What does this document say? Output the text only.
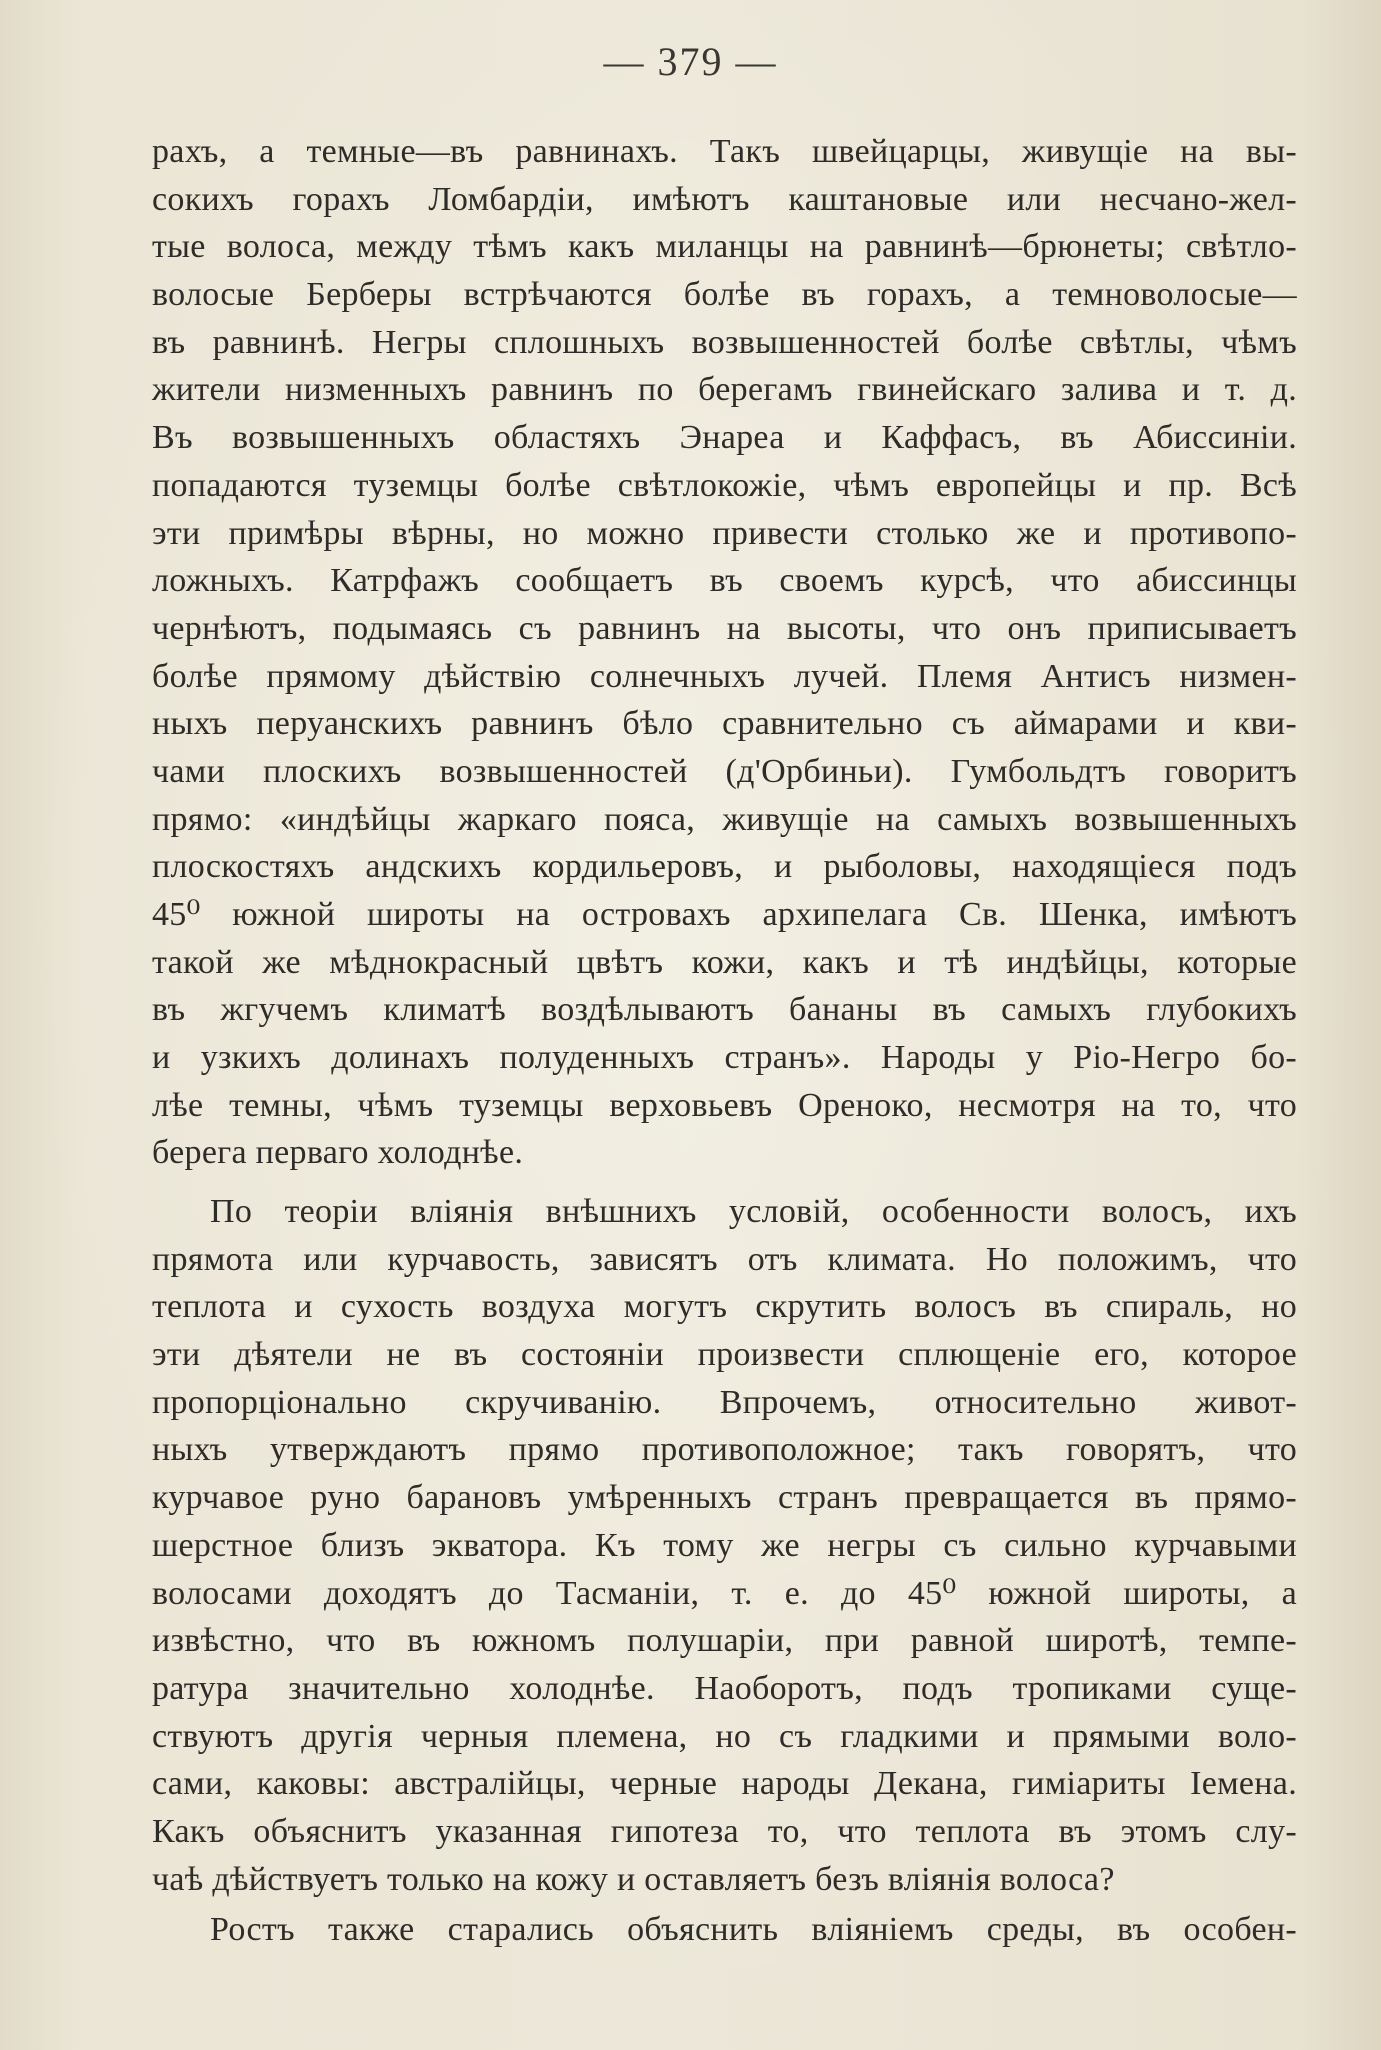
— 379 —
рахъ, а темные—въ равнинахъ. Такъ швейцарцы, живущіе на вы-
сокихъ горахъ Ломбардіи, имѣютъ каштановые или несчано-жел-
тые волоса, между тѣмъ какъ миланцы на равнинѣ—брюнеты; свѣтло-
волосые Берберы встрѣчаются болѣе въ горахъ, а темноволосые—
въ равнинѣ. Негры сплошныхъ возвышенностей болѣе свѣтлы, чѣмъ
жители низменныхъ равнинъ по берегамъ гвинейскаго залива и т. д.
Въ возвышенныхъ областяхъ Энареа и Каффасъ, въ Абиссиніи.
попадаются туземцы болѣе свѣтлокожіе, чѣмъ европейцы и пр. Всѣ
эти примѣры вѣрны, но можно привести столько же и противопо-
ложныхъ. Катрфажъ сообщаетъ въ своемъ курсѣ, что абиссинцы
чернѣютъ, подымаясь съ равнинъ на высоты, что онъ приписываетъ
болѣе прямому дѣйствію солнечныхъ лучей. Племя Антисъ низмен-
ныхъ перуанскихъ равнинъ бѣло сравнительно съ аймарами и кви-
чами плоскихъ возвышенностей (д'Орбиньи). Гумбольдтъ говоритъ
прямо: «индѣйцы жаркаго пояса, живущіе на самыхъ возвышенныхъ
плоскостяхъ андскихъ кордильеровъ, и рыболовы, находящіеся подъ
45⁰ южной широты на островахъ архипелага Св. Шенка, имѣютъ
такой же мѣднокрасный цвѣтъ кожи, какъ и тѣ индѣйцы, которые
въ жгучемъ климатѣ воздѣлываютъ бананы въ самыхъ глубокихъ
и узкихъ долинахъ полуденныхъ странъ». Народы у Ріо-Негро бо-
лѣе темны, чѣмъ туземцы верховьевъ Ореноко, несмотря на то, что
берега перваго холоднѣе.
По теоріи вліянія внѣшнихъ условій, особенности волосъ, ихъ
прямота или курчавость, зависятъ отъ климата. Но положимъ, что
теплота и сухость воздуха могутъ скрутить волосъ въ спираль, но
эти дѣятели не въ состояніи произвести сплющеніе его, которое
пропорціонально скручиванію. Впрочемъ, относительно живот-
ныхъ утверждаютъ прямо противоположное; такъ говорятъ, что
курчавое руно барановъ умѣренныхъ странъ превращается въ прямо-
шерстное близъ экватора. Къ тому же негры съ сильно курчавыми
волосами доходятъ до Тасманіи, т. е. до 45⁰ южной широты, а
извѣстно, что въ южномъ полушаріи, при равной широтѣ, темпе-
ратура значительно холоднѣе. Наоборотъ, подъ тропиками суще-
ствуютъ другія черныя племена, но съ гладкими и прямыми воло-
сами, каковы: австралійцы, черные народы Декана, гиміариты Іемена.
Какъ объяснитъ указанная гипотеза то, что теплота въ этомъ слу-
чаѣ дѣйствуетъ только на кожу и оставляетъ безъ вліянія волоса?
Ростъ также старались объяснить вліяніемъ среды, въ особен-
